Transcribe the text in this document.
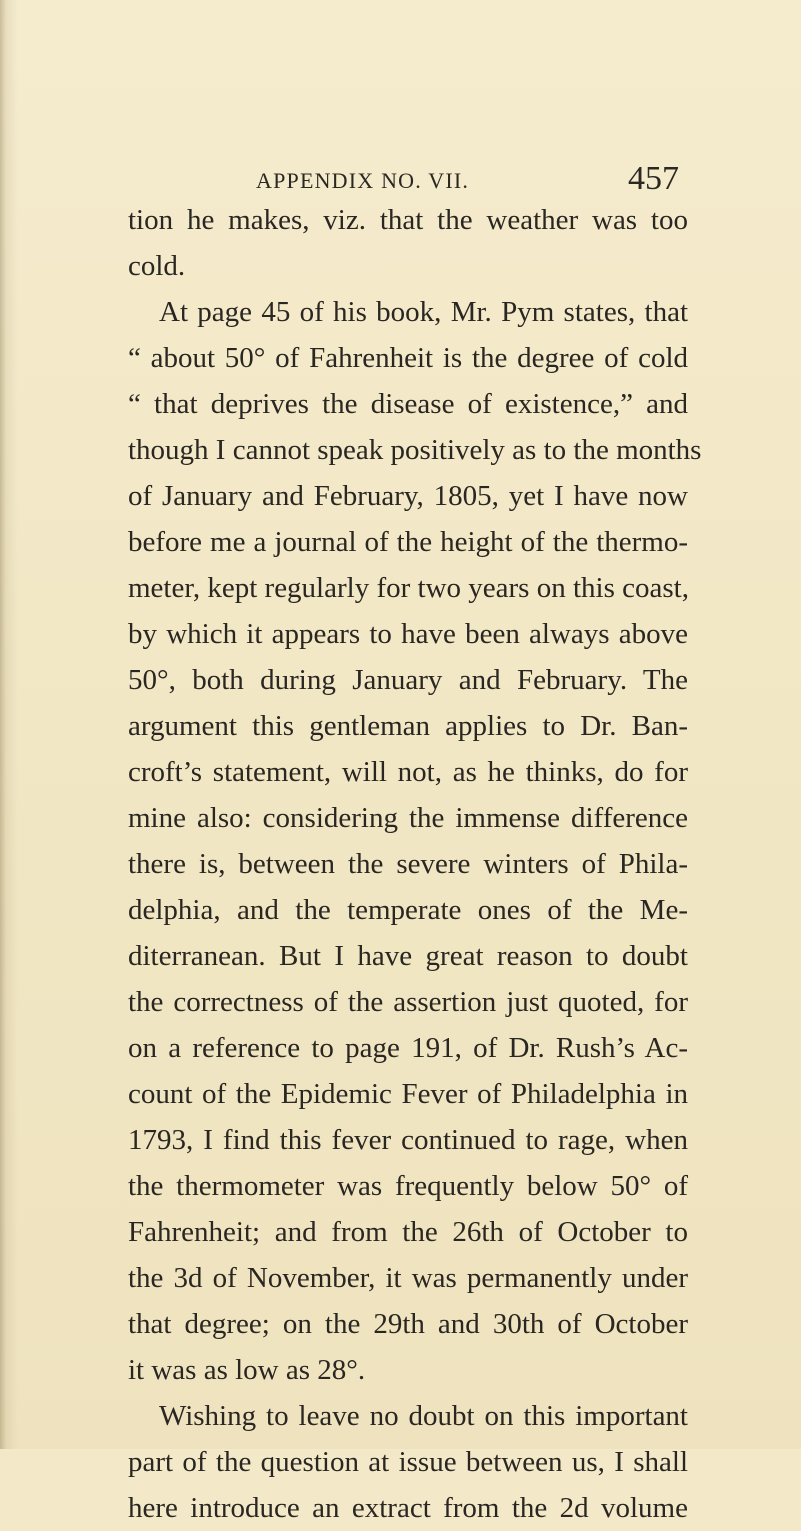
APPENDIX NO. VII.	457
tion he makes, viz. that the weather was too
cold.
At page 45 of his book, Mr. Pym states, that
“ about 50° of Fahrenheit is the degree of cold
“ that deprives the disease of existence,” and
though I cannot speak positively as to the months
of January and February, 1805, yet I have now
before me a journal of the height of the thermo-
meter, kept regularly for two years on this coast,
by which it appears to have been always above
50°, both during January and February. The
argument this gentleman applies to Dr. Ban-
croft’s statement, will not, as he thinks, do for
mine also: considering the immense difference
there is, between the severe winters of Phila-
delphia, and the temperate ones of the Me-
diterranean. But I have great reason to doubt
the correctness of the assertion just quoted, for
on a reference to page 191, of Dr. Rush’s Ac-
count of the Epidemic Fever of Philadelphia in
1793, I find this fever continued to rage, when
the thermometer was frequently below 50° of
Fahrenheit; and from the 26th of October to
the 3d of November, it was permanently under
that degree; on the 29th and 30th of October
it was as low as 28°.
Wishing to leave no doubt on this important
part of the question at issue between us, I shall
here introduce an extract from the 2d volume
